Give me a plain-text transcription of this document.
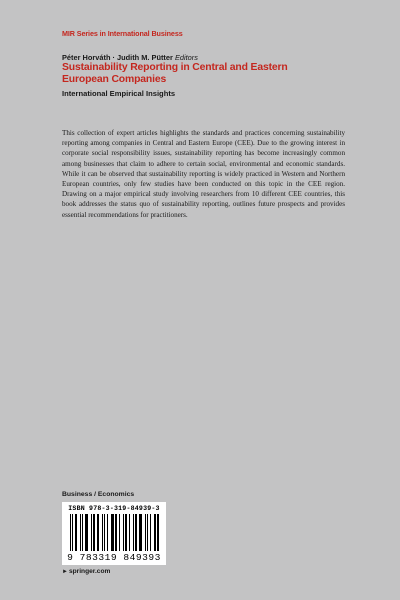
MIR Series in International Business
Péter Horváth · Judith M. Pütter Editors
Sustainability Reporting in Central and Eastern European Companies
International Empirical Insights
This collection of expert articles highlights the standards and practices concerning sustainability reporting among companies in Central and Eastern Europe (CEE). Due to the growing interest in corporate social responsibility issues, sustainability reporting has become increasingly common among businesses that claim to adhere to certain social, environmental and economic standards. While it can be observed that sustainability reporting is widely practiced in Western and Northern European countries, only few studies have been conducted on this topic in the CEE region. Drawing on a major empirical study involving researchers from 10 different CEE countries, this book addresses the status quo of sustainability reporting, outlines future prospects and provides essential recommendations for practitioners.
Business / Economics
ISBN 978-3-319-84939-3
9 783319 849393
►springer.com
